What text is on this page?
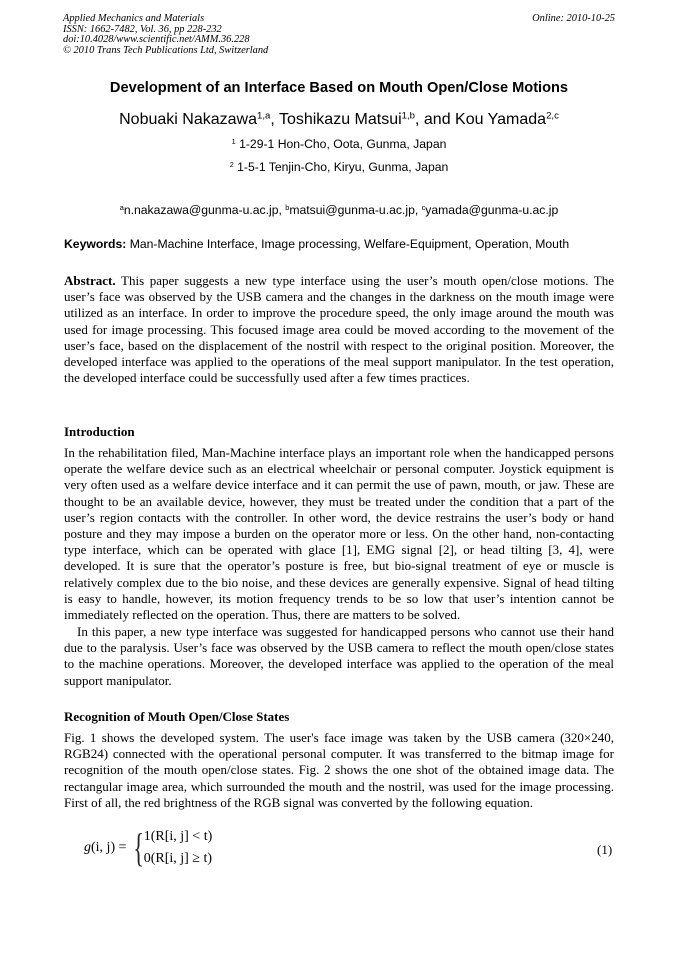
Applied Mechanics and Materials
ISSN: 1662-7482, Vol. 36, pp 228-232
doi:10.4028/www.scientific.net/AMM.36.228
© 2010 Trans Tech Publications Ltd, Switzerland
Online: 2010-10-25
Development of an Interface Based on Mouth Open/Close Motions
Nobuaki Nakazawa$^{1,a}$, Toshikazu Matsui$^{1,b}$, and Kou Yamada$^{2,c}$
$^1$ 1-29-1 Hon-Cho, Oota, Gunma, Japan
$^2$ 1-5-1 Tenjin-Cho, Kiryu, Gunma, Japan
$^a$n.nakazawa@gunma-u.ac.jp, $^b$matsui@gunma-u.ac.jp, $^c$yamada@gunma-u.ac.jp
Keywords: Man-Machine Interface, Image processing, Welfare-Equipment, Operation, Mouth
Abstract. This paper suggests a new type interface using the user’s mouth open/close motions. The user’s face was observed by the USB camera and the changes in the darkness on the mouth image were utilized as an interface. In order to improve the procedure speed, the only image around the mouth was used for image processing. This focused image area could be moved according to the movement of the user’s face, based on the displacement of the nostril with respect to the original position. Moreover, the developed interface was applied to the operations of the meal support manipulator. In the test operation, the developed interface could be successfully used after a few times practices.
Introduction
In the rehabilitation filed, Man-Machine interface plays an important role when the handicapped persons operate the welfare device such as an electrical wheelchair or personal computer. Joystick equipment is very often used as a welfare device interface and it can permit the use of pawn, mouth, or jaw. These are thought to be an available device, however, they must be treated under the condition that a part of the user’s region contacts with the controller. In other word, the device restrains the user’s body or hand posture and they may impose a burden on the operator more or less. On the other hand, non-contacting type interface, which can be operated with glace [1], EMG signal [2], or head tilting [3, 4], were developed. It is sure that the operator’s posture is free, but bio-signal treatment of eye or muscle is relatively complex due to the bio noise, and these devices are generally expensive. Signal of head tilting is easy to handle, however, its motion frequency trends to be so low that user’s intention cannot be immediately reflected on the operation. Thus, there are matters to be solved.
In this paper, a new type interface was suggested for handicapped persons who cannot use their hand due to the paralysis. User’s face was observed by the USB camera to reflect the mouth open/close states to the machine operations. Moreover, the developed interface was applied to the operation of the meal support manipulator.
Recognition of Mouth Open/Close States
Fig. 1 shows the developed system. The user's face image was taken by the USB camera (320×240, RGB24) connected with the operational personal computer. It was transferred to the bitmap image for recognition of the mouth open/close states. Fig. 2 shows the one shot of the obtained image data. The rectangular image area, which surrounded the mouth and the nostril, was used for the image processing. First of all, the red brightness of the RGB signal was converted by the following equation.
g(i, j) = { 1(R[i, j] < t)
0(R[i, j] ≥ t)
(1)
